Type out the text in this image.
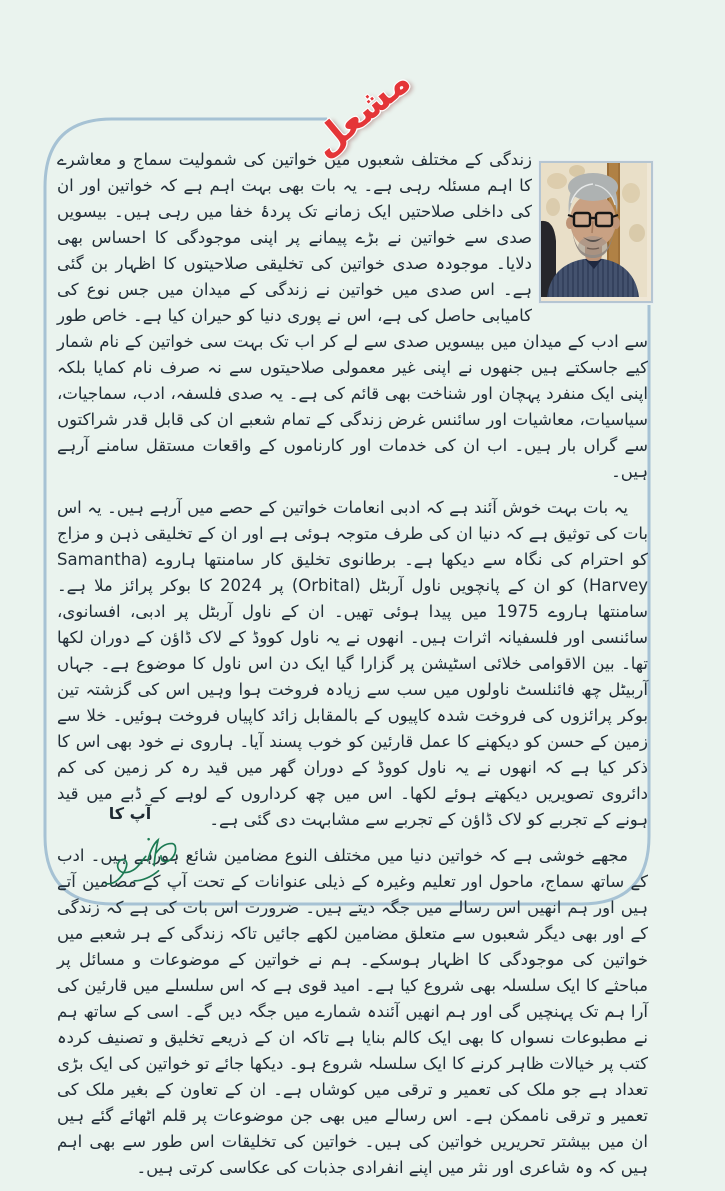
مشعل

زندگی کے مختلف شعبوں میں خواتین کی شمولیت سماج و معاشرے کا اہم مسئلہ رہی ہے۔ یہ بات بھی بہت اہم ہے کہ خواتین اور ان کی داخلی صلاحتیں ایک زمانے تک پردۂ خفا میں رہی ہیں۔ بیسویں صدی سے خواتین نے بڑے پیمانے پر اپنی موجودگی کا احساس بھی دلایا۔ موجودہ صدی خواتین کی تخلیقی صلاحیتوں کا اظہار بن گئی ہے۔ اس صدی میں خواتین نے زندگی کے میدان میں جس نوع کی کامیابی حاصل کی ہے، اس نے پوری دنیا کو حیران کیا ہے۔ خاص طور سے ادب کے میدان میں بیسویں صدی سے لے کر اب تک بہت سی خواتین کے نام شمار کیے جاسکتے ہیں جنھوں نے اپنی غیر معمولی صلاحیتوں سے نہ صرف نام کمایا بلکہ اپنی ایک منفرد پہچان اور شناخت بھی قائم کی ہے۔ یہ صدی فلسفہ، ادب، سماجیات، سیاسیات، معاشیات اور سائنس غرض زندگی کے تمام شعبے ان کی قابل قدر شراکتوں سے گراں بار ہیں۔ اب ان کی خدمات اور کارناموں کے واقعات مستقل سامنے آرہے ہیں۔

یہ بات بہت خوش آئند ہے کہ ادبی انعامات خواتین کے حصے میں آرہے ہیں۔ یہ اس بات کی توثیق ہے کہ دنیا ان کی طرف متوجہ ہوئی ہے اور ان کے تخلیقی ذہن و مزاج کو احترام کی نگاہ سے دیکھا ہے۔ برطانوی تخلیق کار سامنتھا ہاروے (Samantha Harvey) کو ان کے پانچویں ناول آربٹل (Orbital) پر 2024 کا بوکر پرائز ملا ہے۔ سامنتھا ہاروے 1975 میں پیدا ہوئی تھیں۔ ان کے ناول آربٹل پر ادبی، افسانوی، سائنسی اور فلسفیانہ اثرات ہیں۔ انھوں نے یہ ناول کووڈ کے لاک ڈاؤن کے دوران لکھا تھا۔ بین الاقوامی خلائی اسٹیشن پر گزارا گیا ایک دن اس ناول کا موضوع ہے۔ جہاں آربیٹل چھ فائنلسٹ ناولوں میں سب سے زیادہ فروخت ہوا وہیں اس کی گزشتہ تین بوکر پرائزوں کی فروخت شدہ کاپیوں کے بالمقابل زائد کاپیاں فروخت ہوئیں۔ خلا سے زمین کے حسن کو دیکھنے کا عمل قارئین کو خوب پسند آیا۔ ہاروی نے خود بھی اس کا ذکر کیا ہے کہ انھوں نے یہ ناول کووڈ کے دوران گھر میں قید رہ کر زمین کی کم دائروی تصویریں دیکھتے ہوئے لکھا۔ اس میں چھ کرداروں کے لوہے کے ڈبے میں قید ہونے کے تجربے کو لاک ڈاؤن کے تجربے سے مشابہت دی گئی ہے۔

مجھے خوشی ہے کہ خواتین دنیا میں مختلف النوع مضامین شائع ہورہے ہیں۔ ادب کے ساتھ سماج، ماحول اور تعلیم وغیرہ کے ذیلی عنوانات کے تحت آپ کے مضامین آتے ہیں اور ہم انھیں اس رسالے میں جگہ دیتے ہیں۔ ضرورت اس بات کی ہے کہ زندگی کے اور بھی دیگر شعبوں سے متعلق مضامین لکھے جائیں تاکہ زندگی کے ہر شعبے میں خواتین کی موجودگی کا اظہار ہوسکے۔ ہم نے خواتین کے موضوعات و مسائل پر مباحثے کا ایک سلسلہ بھی شروع کیا ہے۔ امید قوی ہے کہ اس سلسلے میں قارئین کی آرا ہم تک پہنچیں گی اور ہم انھیں آئندہ شمارے میں جگہ دیں گے۔ اسی کے ساتھ ہم نے مطبوعات نسواں کا بھی ایک کالم بنایا ہے تاکہ ان کے ذریعے تخلیق و تصنیف کردہ کتب پر خیالات ظاہر کرنے کا ایک سلسلہ شروع ہو۔ دیکھا جائے تو خواتین کی ایک بڑی تعداد ہے جو ملک کی تعمیر و ترقی میں کوشاں ہے۔ ان کے تعاون کے بغیر ملک کی تعمیر و ترقی ناممکن ہے۔ اس رسالے میں بھی جن موضوعات پر قلم اٹھائے گئے ہیں ان میں بیشتر تحریریں خواتین کی ہیں۔ خواتین کی تخلیقات اس طور سے بھی اہم ہیں کہ وہ شاعری اور نثر میں اپنے انفرادی جذبات کی عکاسی کرتی ہیں۔

آپ کا
